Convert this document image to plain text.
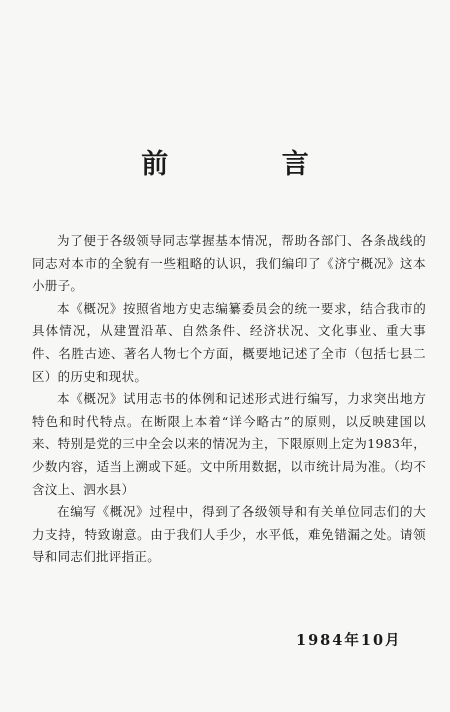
前 言

为了便于各级领导同志掌握基本情况，帮助各部门、各条战线的同志对本市的全貌有一些粗略的认识，我们编印了《济宁概况》这本小册子。

本《概况》按照省地方史志编纂委员会的统一要求，结合我市的具体情况，从建置沿革、自然条件、经济状况、文化事业、重大事件、名胜古迹、著名人物七个方面，概要地记述了全市（包括七县二区）的历史和现状。

本《概况》试用志书的体例和记述形式进行编写，力求突出地方特色和时代特点。在断限上本着“详今略古”的原则，以反映建国以来、特别是党的三中全会以来的情况为主，下限原则上定为1983年，少数内容，适当上溯或下延。文中所用数据，以市统计局为准。（均不含汶上、泗水县）

在编写《概况》过程中，得到了各级领导和有关单位同志们的大力支持，特致谢意。由于我们人手少，水平低，难免错漏之处。请领导和同志们批评指正。

1984年10月
